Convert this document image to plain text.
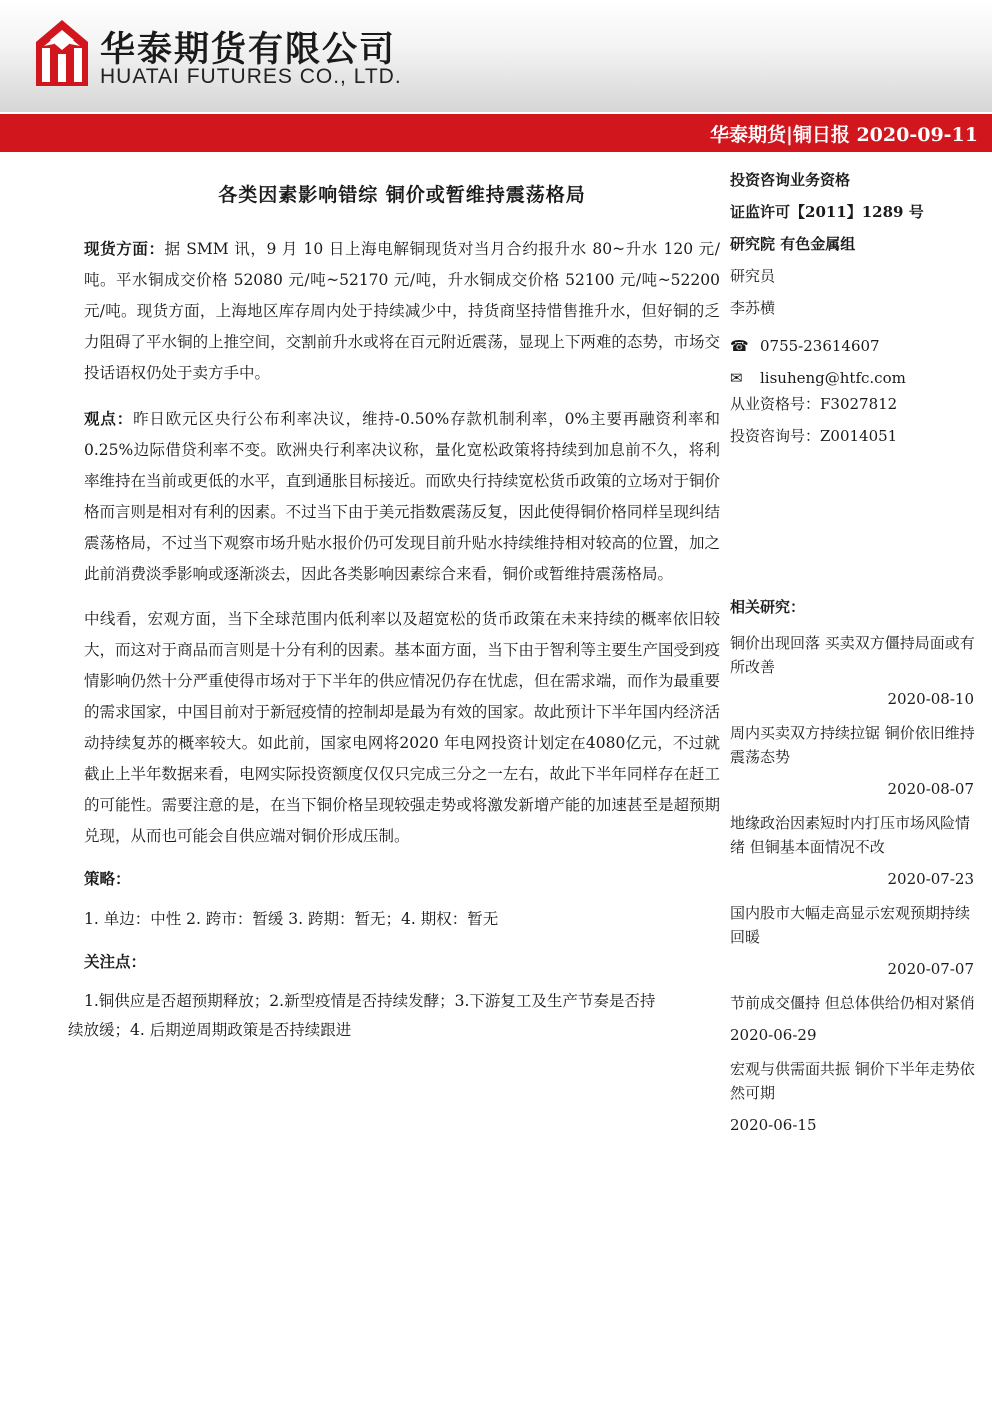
华泰期货有限公司
HUATAI FUTURES CO., LTD.
华泰期货|铜日报 2020-09-11
各类因素影响错综 铜价或暂维持震荡格局

现货方面：据 SMM 讯，9 月 10 日上海电解铜现货对当月合约报升水 80~升水 120 元/吨。平水铜成交价格 52080 元/吨~52170 元/吨，升水铜成交价格 52100 元/吨~52200 元/吨。现货方面，上海地区库存周内处于持续减少中，持货商坚持惜售推升水，但好铜的乏力阻碍了平水铜的上推空间，交割前升水或将在百元附近震荡，显现上下两难的态势，市场交投话语权仍处于卖方手中。

观点：昨日欧元区央行公布利率决议，维持-0.50%存款机制利率，0%主要再融资利率和0.25%边际借贷利率不变。欧洲央行利率决议称，量化宽松政策将持续到加息前不久，将利率维持在当前或更低的水平，直到通胀目标接近。而欧央行持续宽松货币政策的立场对于铜价格而言则是相对有利的因素。不过当下由于美元指数震荡反复，因此使得铜价格同样呈现纠结震荡格局，不过当下观察市场升贴水报价仍可发现目前升贴水持续维持相对较高的位置，加之此前消费淡季影响或逐渐淡去，因此各类影响因素综合来看，铜价或暂维持震荡格局。

中线看，宏观方面，当下全球范围内低利率以及超宽松的货币政策在未来持续的概率依旧较大，而这对于商品而言则是十分有利的因素。基本面方面，当下由于智利等主要生产国受到疫情影响仍然十分严重使得市场对于下半年的供应情况仍存在忧虑，但在需求端，而作为最重要的需求国家，中国目前对于新冠疫情的控制却是最为有效的国家。故此预计下半年国内经济活动持续复苏的概率较大。如此前，国家电网将2020 年电网投资计划定在4080亿元，不过就截止上半年数据来看，电网实际投资额度仅仅只完成三分之一左右，故此下半年同样存在赶工的可能性。需要注意的是，在当下铜价格呈现较强走势或将激发新增产能的加速甚至是超预期兑现，从而也可能会自供应端对铜价形成压制。

策略：
1. 单边：中性 2. 跨市：暂缓 3. 跨期：暂无；4. 期权：暂无
关注点：
1.铜供应是否超预期释放；2.新型疫情是否持续发酵；3.下游复工及生产节奏是否持
续放缓；4. 后期逆周期政策是否持续跟进
投资咨询业务资格
证监许可【2011】1289 号
研究院 有色金属组
研究员
李苏横
☎ 0755-23614607
✉	lisuheng@htfc.com
从业资格号：F3027812
投资咨询号：Z0014051
相关研究：
铜价出现回落 买卖双方僵持局面或有所改善
2020-08-10
周内买卖双方持续拉锯 铜价依旧维持震荡态势
2020-08-07
地缘政治因素短时内打压市场风险情绪 但铜基本面情况不改
2020-07-23
国内股市大幅走高显示宏观预期持续回暖
2020-07-07
节前成交僵持 但总体供给仍相对紧俏
2020-06-29
宏观与供需面共振 铜价下半年走势依然可期
2020-06-15
